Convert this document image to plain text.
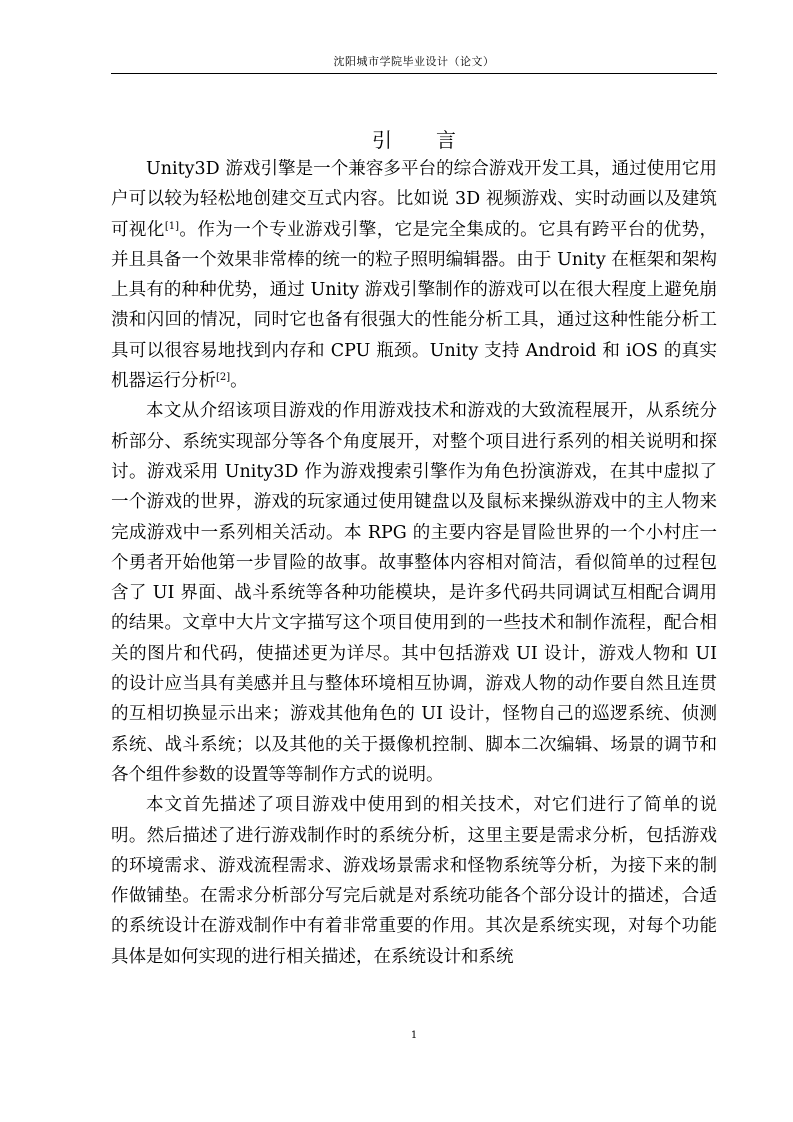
沈阳城市学院毕业设计（论文）
引 言

Unity3D 游戏引擎是一个兼容多平台的综合游戏开发工具，通过使用它用户可以较为轻松地创建交互式内容。比如说 3D 视频游戏、实时动画以及建筑可视化[1]。作为一个专业游戏引擎，它是完全集成的。它具有跨平台的优势，并且具备一个效果非常棒的统一的粒子照明编辑器。由于 Unity 在框架和架构上具有的种种优势，通过 Unity 游戏引擎制作的游戏可以在很大程度上避免崩溃和闪回的情况，同时它也备有很强大的性能分析工具，通过这种性能分析工具可以很容易地找到内存和 CPU 瓶颈。Unity 支持 Android 和 iOS 的真实机器运行分析[2]。

本文从介绍该项目游戏的作用游戏技术和游戏的大致流程展开，从系统分析部分、系统实现部分等各个角度展开，对整个项目进行系列的相关说明和探讨。游戏采用 Unity3D 作为游戏搜索引擎作为角色扮演游戏，在其中虚拟了一个游戏的世界，游戏的玩家通过使用键盘以及鼠标来操纵游戏中的主人物来完成游戏中一系列相关活动。本 RPG 的主要内容是冒险世界的一个小村庄一个勇者开始他第一步冒险的故事。故事整体内容相对简洁，看似简单的过程包含了 UI 界面、战斗系统等各种功能模块，是许多代码共同调试互相配合调用的结果。文章中大片文字描写这个项目使用到的一些技术和制作流程，配合相关的图片和代码，使描述更为详尽。其中包括游戏 UI 设计，游戏人物和 UI 的设计应当具有美感并且与整体环境相互协调，游戏人物的动作要自然且连贯的互相切换显示出来；游戏其他角色的 UI 设计，怪物自己的巡逻系统、侦测系统、战斗系统；以及其他的关于摄像机控制、脚本二次编辑、场景的调节和各个组件参数的设置等等制作方式的说明。

本文首先描述了项目游戏中使用到的相关技术，对它们进行了简单的说明。然后描述了进行游戏制作时的系统分析，这里主要是需求分析，包括游戏的环境需求、游戏流程需求、游戏场景需求和怪物系统等分析，为接下来的制作做铺垫。在需求分析部分写完后就是对系统功能各个部分设计的描述，合适的系统设计在游戏制作中有着非常重要的作用。其次是系统实现，对每个功能具体是如何实现的进行相关描述，在系统设计和系统

1
